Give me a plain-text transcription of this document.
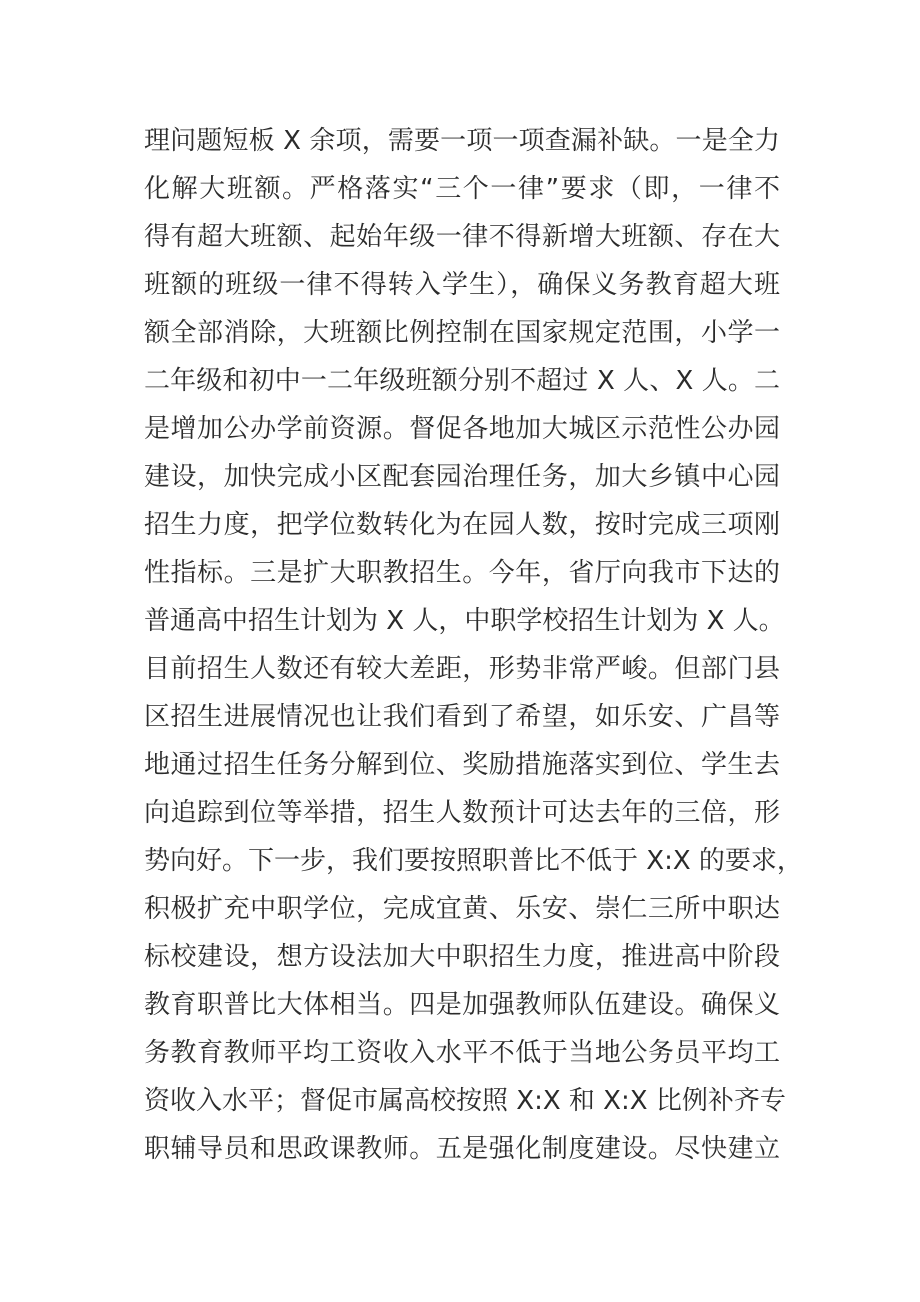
理问题短板 X 余项，需要一项一项查漏补缺。一是全力
化解大班额。严格落实“三个一律”要求（即，一律不
得有超大班额、起始年级一律不得新增大班额、存在大
班额的班级一律不得转入学生），确保义务教育超大班
额全部消除，大班额比例控制在国家规定范围，小学一
二年级和初中一二年级班额分别不超过 X 人、X 人。二
是增加公办学前资源。督促各地加大城区示范性公办园
建设，加快完成小区配套园治理任务，加大乡镇中心园
招生力度，把学位数转化为在园人数，按时完成三项刚
性指标。三是扩大职教招生。今年，省厅向我市下达的
普通高中招生计划为 X 人，中职学校招生计划为 X 人。
目前招生人数还有较大差距，形势非常严峻。但部门县
区招生进展情况也让我们看到了希望，如乐安、广昌等
地通过招生任务分解到位、奖励措施落实到位、学生去
向追踪到位等举措，招生人数预计可达去年的三倍，形
势向好。下一步，我们要按照职普比不低于 X:X 的要求，
积极扩充中职学位，完成宜黄、乐安、崇仁三所中职达
标校建设，想方设法加大中职招生力度，推进高中阶段
教育职普比大体相当。四是加强教师队伍建设。确保义
务教育教师平均工资收入水平不低于当地公务员平均工
资收入水平；督促市属高校按照 X:X 和 X:X 比例补齐专
职辅导员和思政课教师。五是强化制度建设。尽快建立
